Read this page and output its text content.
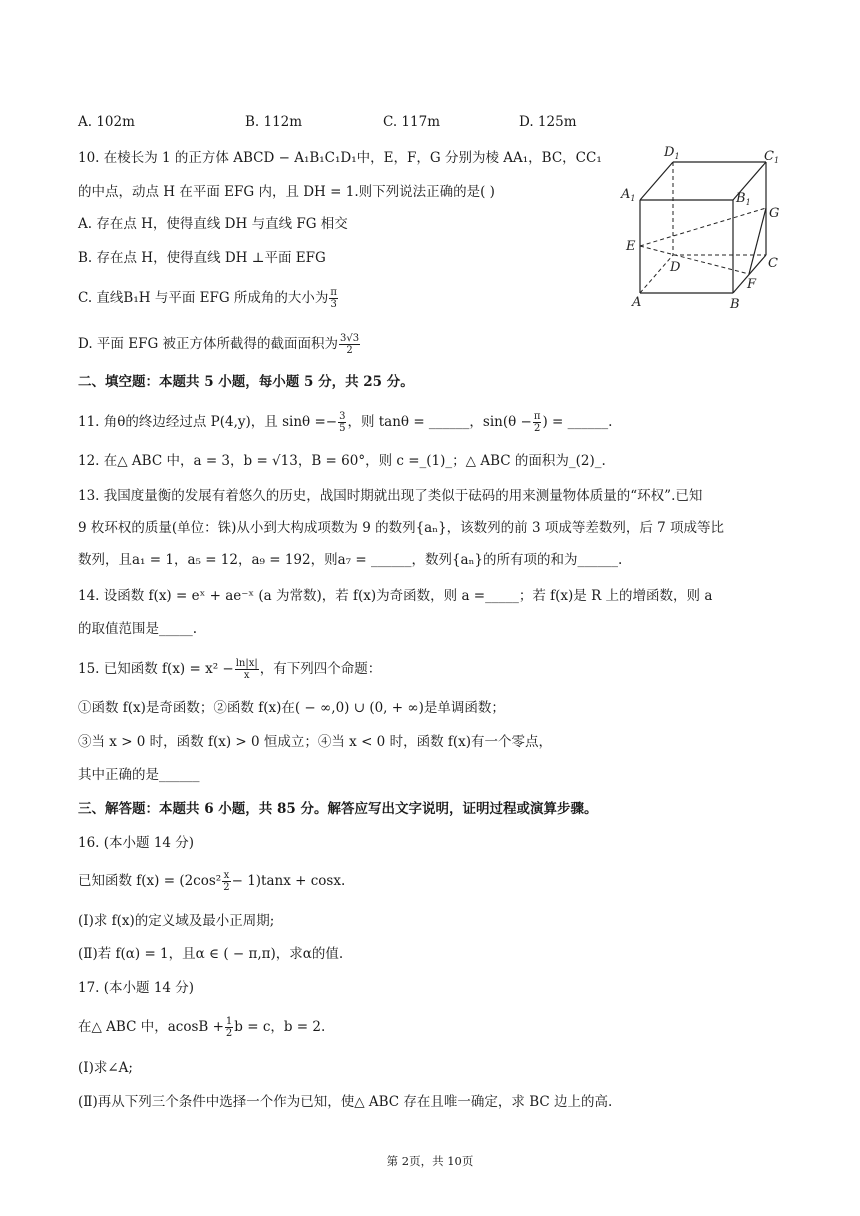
A. 102m	B. 112m	C. 117m	D. 125m
10. 在棱长为 1 的正方体 ABCD − A₁B₁C₁D₁中，E，F，G 分别为棱 AA₁，BC，CC₁
的中点，动点 H 在平面 EFG 内，且 DH = 1.则下列说法正确的是( )
A. 存在点 H，使得直线 DH 与直线 FG 相交
B. 存在点 H，使得直线 DH ⊥平面 EFG
C. 直线B₁H 与平面 EFG 所成角的大小为 $\frac{\pi}{3}$
D. 平面 EFG 被正方体所截得的截面面积为 $\frac{3√3}{2}$
$D_1$	$C_1$
$A_1$	$B_1$
G
E
D	C
F
A	B
二、填空题：本题共 5 小题，每小题 5 分，共 25 分。
11. 角θ的终边经过点 P(4,y)，且 $\sin\theta =- \frac{3}{5}$ ，则 tanθ = ______，$\sin(\theta - \frac{\pi}{2}$ ) = ______.
12. 在△ ABC 中，a = 3，b = √13，B = 60°，则 c =_(1)_；△ ABC 的面积为_(2)_.
13. 我国度量衡的发展有着悠久的历史，战国时期就出现了类似于砝码的用来测量物体质量的“环权”.已知
9 枚环权的质量(单位：铢)从小到大构成项数为 9 的数列{aₙ}，该数列的前 3 项成等差数列，后 7 项成等比
数列，且a₁ = 1，a₅ = 12，a₉ = 192，则a₇ = ______，数列{aₙ}的所有项的和为______.
14. 设函数 f(x) = eˣ + ae⁻ˣ (a 为常数)，若 f(x)为奇函数，则 a =_____；若 f(x)是 R 上的增函数，则 a
的取值范围是_____.
15. 已知函数 $f(x) = x^2 - \frac{\ln|x|}{x}$ ，有下列四个命题：
①函数 f(x)是奇函数；②函数 f(x)在( − ∞,0) ∪ (0, + ∞)是单调函数；
③当 x > 0 时，函数 f(x) > 0 恒成立；④当 x < 0 时，函数 f(x)有一个零点，
其中正确的是______
三、解答题：本题共 6 小题，共 85 分。解答应写出文字说明，证明过程或演算步骤。
16. (本小题 14 分)
已知函数 $f(x) = (2\cos^2 \frac{x}{2} - 1)\tan x + \cos x$.
(Ⅰ)求 f(x)的定义域及最小正周期;
(Ⅱ)若 f(α) = 1，且α ∈ ( − π,π)，求α的值.
17. (本小题 14 分)
在△ ABC 中，$acosB + \frac{1}{2}$ b = c，b = 2.
(Ⅰ)求∠A;
(Ⅱ)再从下列三个条件中选择一个作为已知，使△ ABC 存在且唯一确定，求 BC 边上的高.
第 2页，共 10页
